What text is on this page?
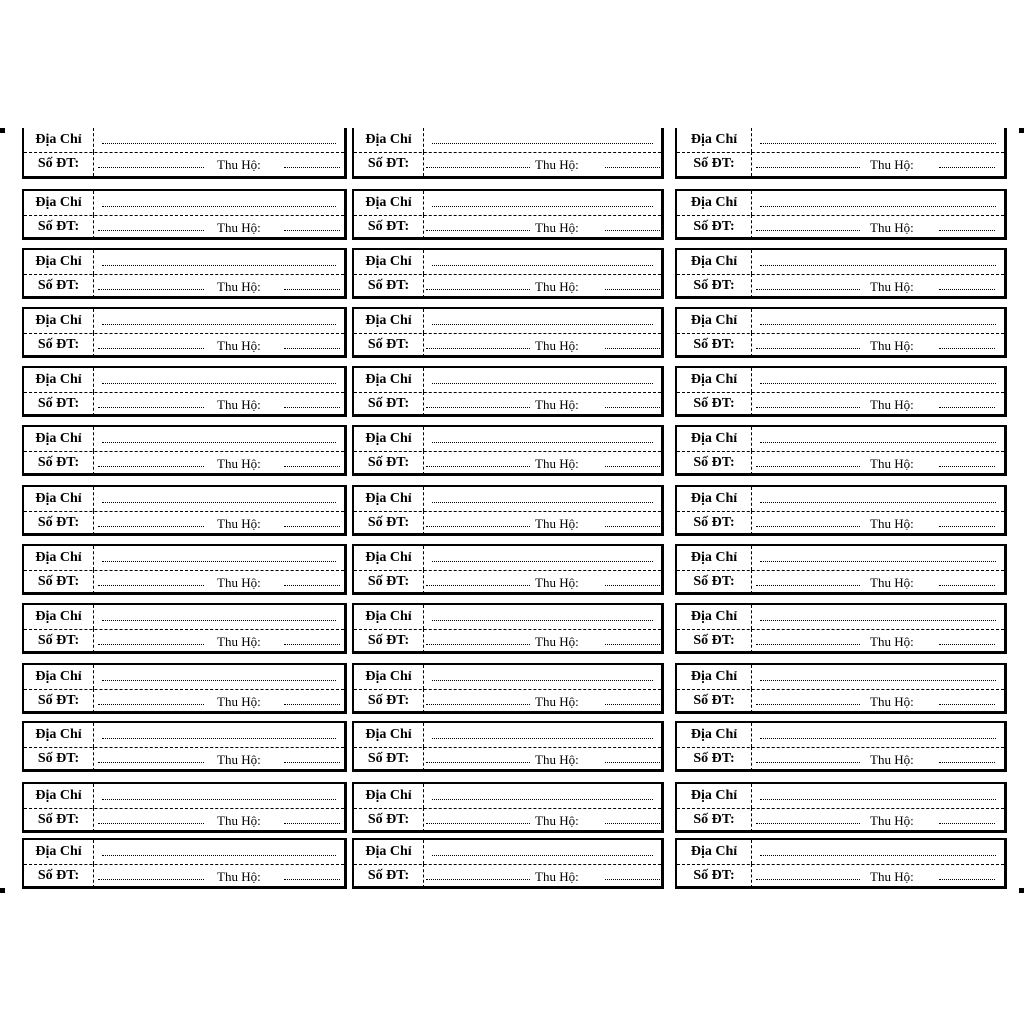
Địa Chỉ
Số ĐT:	Thu Hộ:
Địa Chỉ
Số ĐT:	Thu Hộ:
Địa Chỉ
Số ĐT:	Thu Hộ:
Địa Chỉ
Số ĐT:	Thu Hộ:
Địa Chỉ
Số ĐT:	Thu Hộ:
Địa Chỉ
Số ĐT:	Thu Hộ:
Địa Chỉ
Số ĐT:	Thu Hộ:
Địa Chỉ
Số ĐT:	Thu Hộ:
Địa Chỉ
Số ĐT:	Thu Hộ:
Địa Chỉ
Số ĐT:	Thu Hộ:
Địa Chỉ
Số ĐT:	Thu Hộ:
Địa Chỉ
Số ĐT:	Thu Hộ:
Địa Chỉ
Số ĐT:	Thu Hộ:
Địa Chỉ
Số ĐT:	Thu Hộ:
Địa Chỉ
Số ĐT:	Thu Hộ:
Địa Chỉ
Số ĐT:	Thu Hộ:
Địa Chỉ
Số ĐT:	Thu Hộ:
Địa Chỉ
Số ĐT:	Thu Hộ:
Địa Chỉ
Số ĐT:	Thu Hộ:
Địa Chỉ
Số ĐT:	Thu Hộ:
Địa Chỉ
Số ĐT:	Thu Hộ:
Địa Chỉ
Số ĐT:	Thu Hộ:
Địa Chỉ
Số ĐT:	Thu Hộ:
Địa Chỉ
Số ĐT:	Thu Hộ:
Địa Chỉ
Số ĐT:	Thu Hộ:
Địa Chỉ
Số ĐT:	Thu Hộ:
Địa Chỉ
Số ĐT:	Thu Hộ:
Địa Chỉ
Số ĐT:	Thu Hộ:
Địa Chỉ
Số ĐT:	Thu Hộ:
Địa Chỉ
Số ĐT:	Thu Hộ:
Địa Chỉ
Số ĐT:	Thu Hộ:
Địa Chỉ
Số ĐT:	Thu Hộ:
Địa Chỉ
Số ĐT:	Thu Hộ:
Địa Chỉ
Số ĐT:	Thu Hộ:
Địa Chỉ
Số ĐT:	Thu Hộ:
Địa Chỉ
Số ĐT:	Thu Hộ:
Địa Chỉ
Số ĐT:	Thu Hộ:
Địa Chỉ
Số ĐT:	Thu Hộ:
Địa Chỉ
Số ĐT:	Thu Hộ:
